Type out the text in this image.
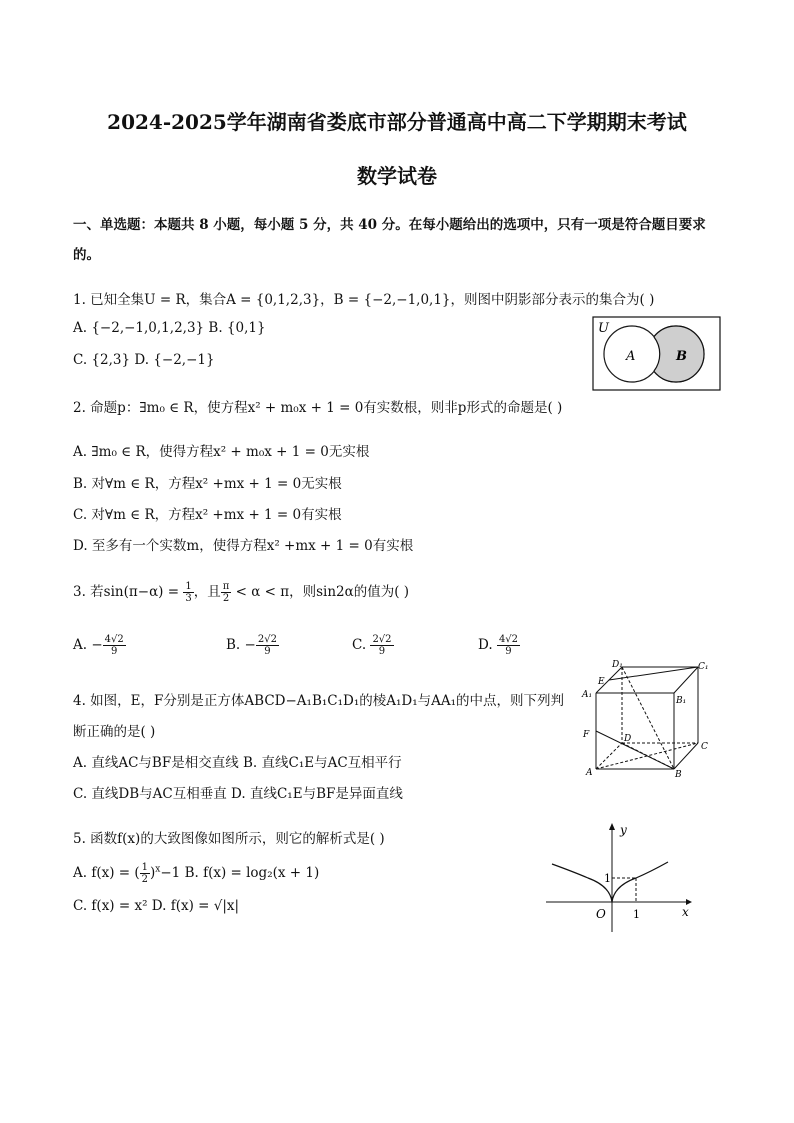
2024-2025学年湖南省娄底市部分普通高中高二下学期期末考试
数学试卷
一、单选题：本题共 8 小题，每小题 5 分，共 40 分。在每小题给出的选项中，只有一项是符合题目要求
的。
1. 已知全集U = R，集合A = {0,1,2,3}，B = {−2,−1,0,1}，则图中阴影部分表示的集合为( )
A. {−2,−1,0,1,2,3} B. {0,1}
C. {2,3} D. {−2,−1}
U
A	B
2. 命题p：∃m₀ ∈ R，使方程x² + m₀x + 1 = 0有实数根，则非p形式的命题是( )
A. ∃m₀ ∈ R，使得方程x² + m₀x + 1 = 0无实根
B. 对∀m ∈ R，方程x² +mx + 1 = 0无实根
C. 对∀m ∈ R，方程x² +mx + 1 = 0有实根
D. 至多有一个实数m，使得方程x² +mx + 1 = 0有实根
3. 若$\sin(\pi-\alpha) = \frac{1}{3}$ ，且 $\frac{\pi}{2} < \alpha < \pi$，则sin2α的值为( )
A. − $\frac{4√2}{9}$	B. − $\frac{2√2}{9}$	C. $\frac{2√2}{9}$	D. $\frac{4√2}{9}$
4. 如图，E，F分别是正方体ABCD−A₁B₁C₁D₁的棱A₁D₁与AA₁的中点，则下列判
断正确的是( )
A. 直线AC与BF是相交直线 B. 直线C₁E与AC互相平行
C. 直线DB与AC互相垂直 D. 直线C₁E与BF是异面直线
D₁	C₁
E
A₁
B₁
F	D
C
A	B
5. 函数f(x)的大致图像如图所示，则它的解析式是( )
A. f(x) = ( $\frac{1}{2} )^x-1$ B. f(x) = log₂(x + 1)
C. f(x) = x² D. f(x) = √|x|
y
x
O
1
1
